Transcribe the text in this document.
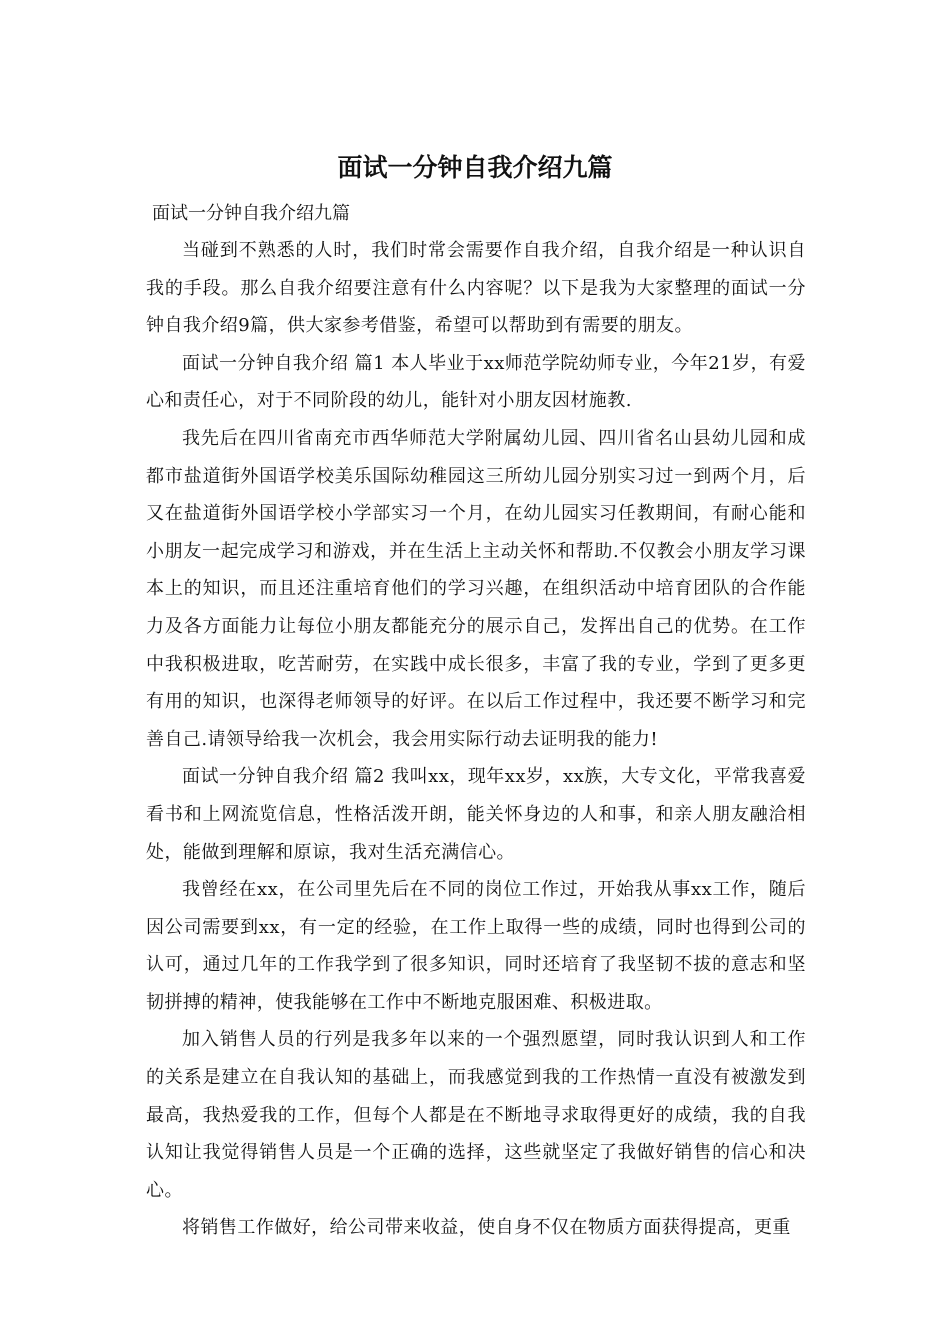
面试一分钟自我介绍九篇

面试一分钟自我介绍九篇

当碰到不熟悉的人时，我们时常会需要作自我介绍，自我介绍是一种认识自我的手段。那么自我介绍要注意有什么内容呢？以下是我为大家整理的面试一分钟自我介绍9篇，供大家参考借鉴，希望可以帮助到有需要的朋友。

面试一分钟自我介绍 篇1 本人毕业于xx师范学院幼师专业，今年21岁，有爱心和责任心，对于不同阶段的幼儿，能针对小朋友因材施教.

我先后在四川省南充市西华师范大学附属幼儿园、四川省名山县幼儿园和成都市盐道街外国语学校美乐国际幼稚园这三所幼儿园分别实习过一到两个月，后又在盐道街外国语学校小学部实习一个月，在幼儿园实习任教期间，有耐心能和小朋友一起完成学习和游戏，并在生活上主动关怀和帮助.不仅教会小朋友学习课本上的知识，而且还注重培育他们的学习兴趣，在组织活动中培育团队的合作能力及各方面能力让每位小朋友都能充分的展示自己，发挥出自己的优势。在工作中我积极进取，吃苦耐劳，在实践中成长很多，丰富了我的专业，学到了更多更有用的知识，也深得老师领导的好评。在以后工作过程中，我还要不断学习和完善自己.请领导给我一次机会，我会用实际行动去证明我的能力!

面试一分钟自我介绍 篇2 我叫xx，现年xx岁，xx族，大专文化，平常我喜爱看书和上网流览信息，性格活泼开朗，能关怀身边的人和事，和亲人朋友融洽相处，能做到理解和原谅，我对生活充满信心。

我曾经在xx，在公司里先后在不同的岗位工作过，开始我从事xx工作，随后因公司需要到xx，有一定的经验，在工作上取得一些的成绩，同时也得到公司的认可，通过几年的工作我学到了很多知识，同时还培育了我坚韧不拔的意志和坚韧拼搏的精神，使我能够在工作中不断地克服困难、积极进取。

加入销售人员的行列是我多年以来的一个强烈愿望，同时我认识到人和工作的关系是建立在自我认知的基础上，而我感觉到我的工作热情一直没有被激发到最高，我热爱我的工作，但每个人都是在不断地寻求取得更好的成绩，我的自我认知让我觉得销售人员是一个正确的选择，这些就坚定了我做好销售的信心和决心。

将销售工作做好，给公司带来收益，使自身不仅在物质方面获得提高，更重
